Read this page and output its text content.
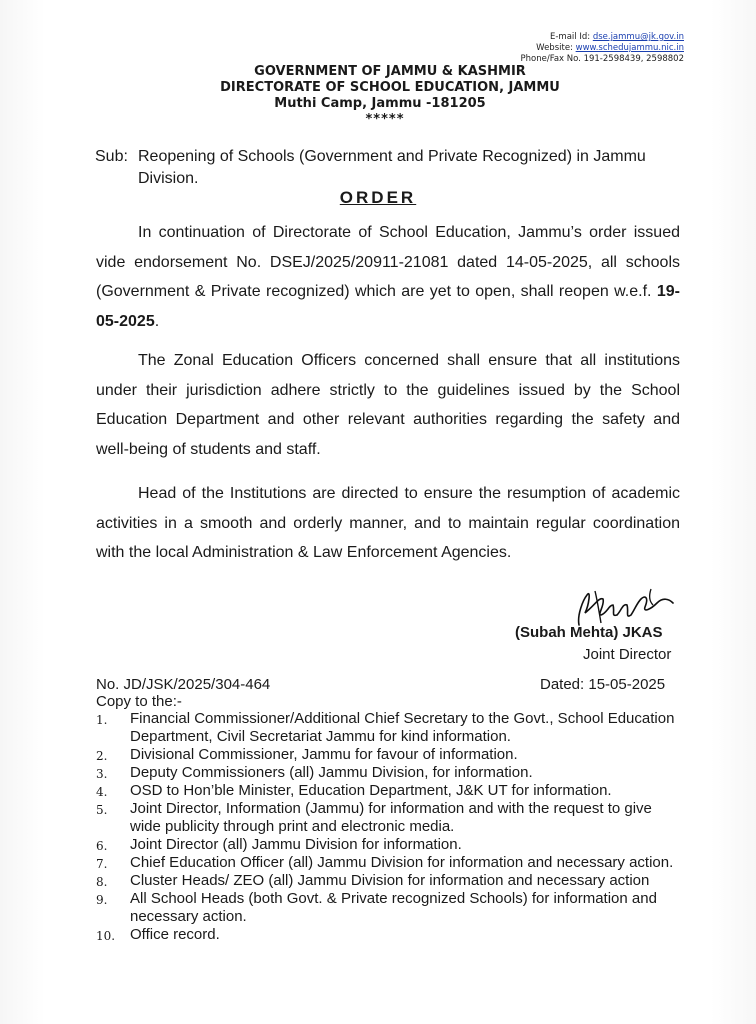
E-mail Id: dse.jammu@jk.gov.in
Website: www.schedujammu.nic.in
Phone/Fax No. 191-2598439, 2598802
GOVERNMENT OF JAMMU & KASHMIR
DIRECTORATE OF SCHOOL EDUCATION, JAMMU
Muthi Camp, Jammu -181205
*****
Sub: Reopening of Schools (Government and Private Recognized) in Jammu Division.
ORDER
In continuation of Directorate of School Education, Jammu’s order issued vide endorsement No. DSEJ/2025/20911-21081 dated 14-05-2025, all schools (Government & Private recognized) which are yet to open, shall reopen w.e.f. 19-05-2025.
The Zonal Education Officers concerned shall ensure that all institutions under their jurisdiction adhere strictly to the guidelines issued by the School Education Department and other relevant authorities regarding the safety and well-being of students and staff.
Head of the Institutions are directed to ensure the resumption of academic activities in a smooth and orderly manner, and to maintain regular coordination with the local Administration & Law Enforcement Agencies.
(Subah Mehta) JKAS
Joint Director
No. JD/JSK/2025/304-464	Dated: 15-05-2025
Copy to the:-
1. Financial Commissioner/Additional Chief Secretary to the Govt., School Education Department, Civil Secretariat Jammu for kind information.
2. Divisional Commissioner, Jammu for favour of information.
3. Deputy Commissioners (all) Jammu Division, for information.
4. OSD to Hon’ble Minister, Education Department, J&K UT for information.
5. Joint Director, Information (Jammu) for information and with the request to give wide publicity through print and electronic media.
6. Joint Director (all) Jammu Division for information.
7. Chief Education Officer (all) Jammu Division for information and necessary action.
8. Cluster Heads/ ZEO (all) Jammu Division for information and necessary action
9. All School Heads (both Govt. & Private recognized Schools) for information and necessary action.
10. Office record.
